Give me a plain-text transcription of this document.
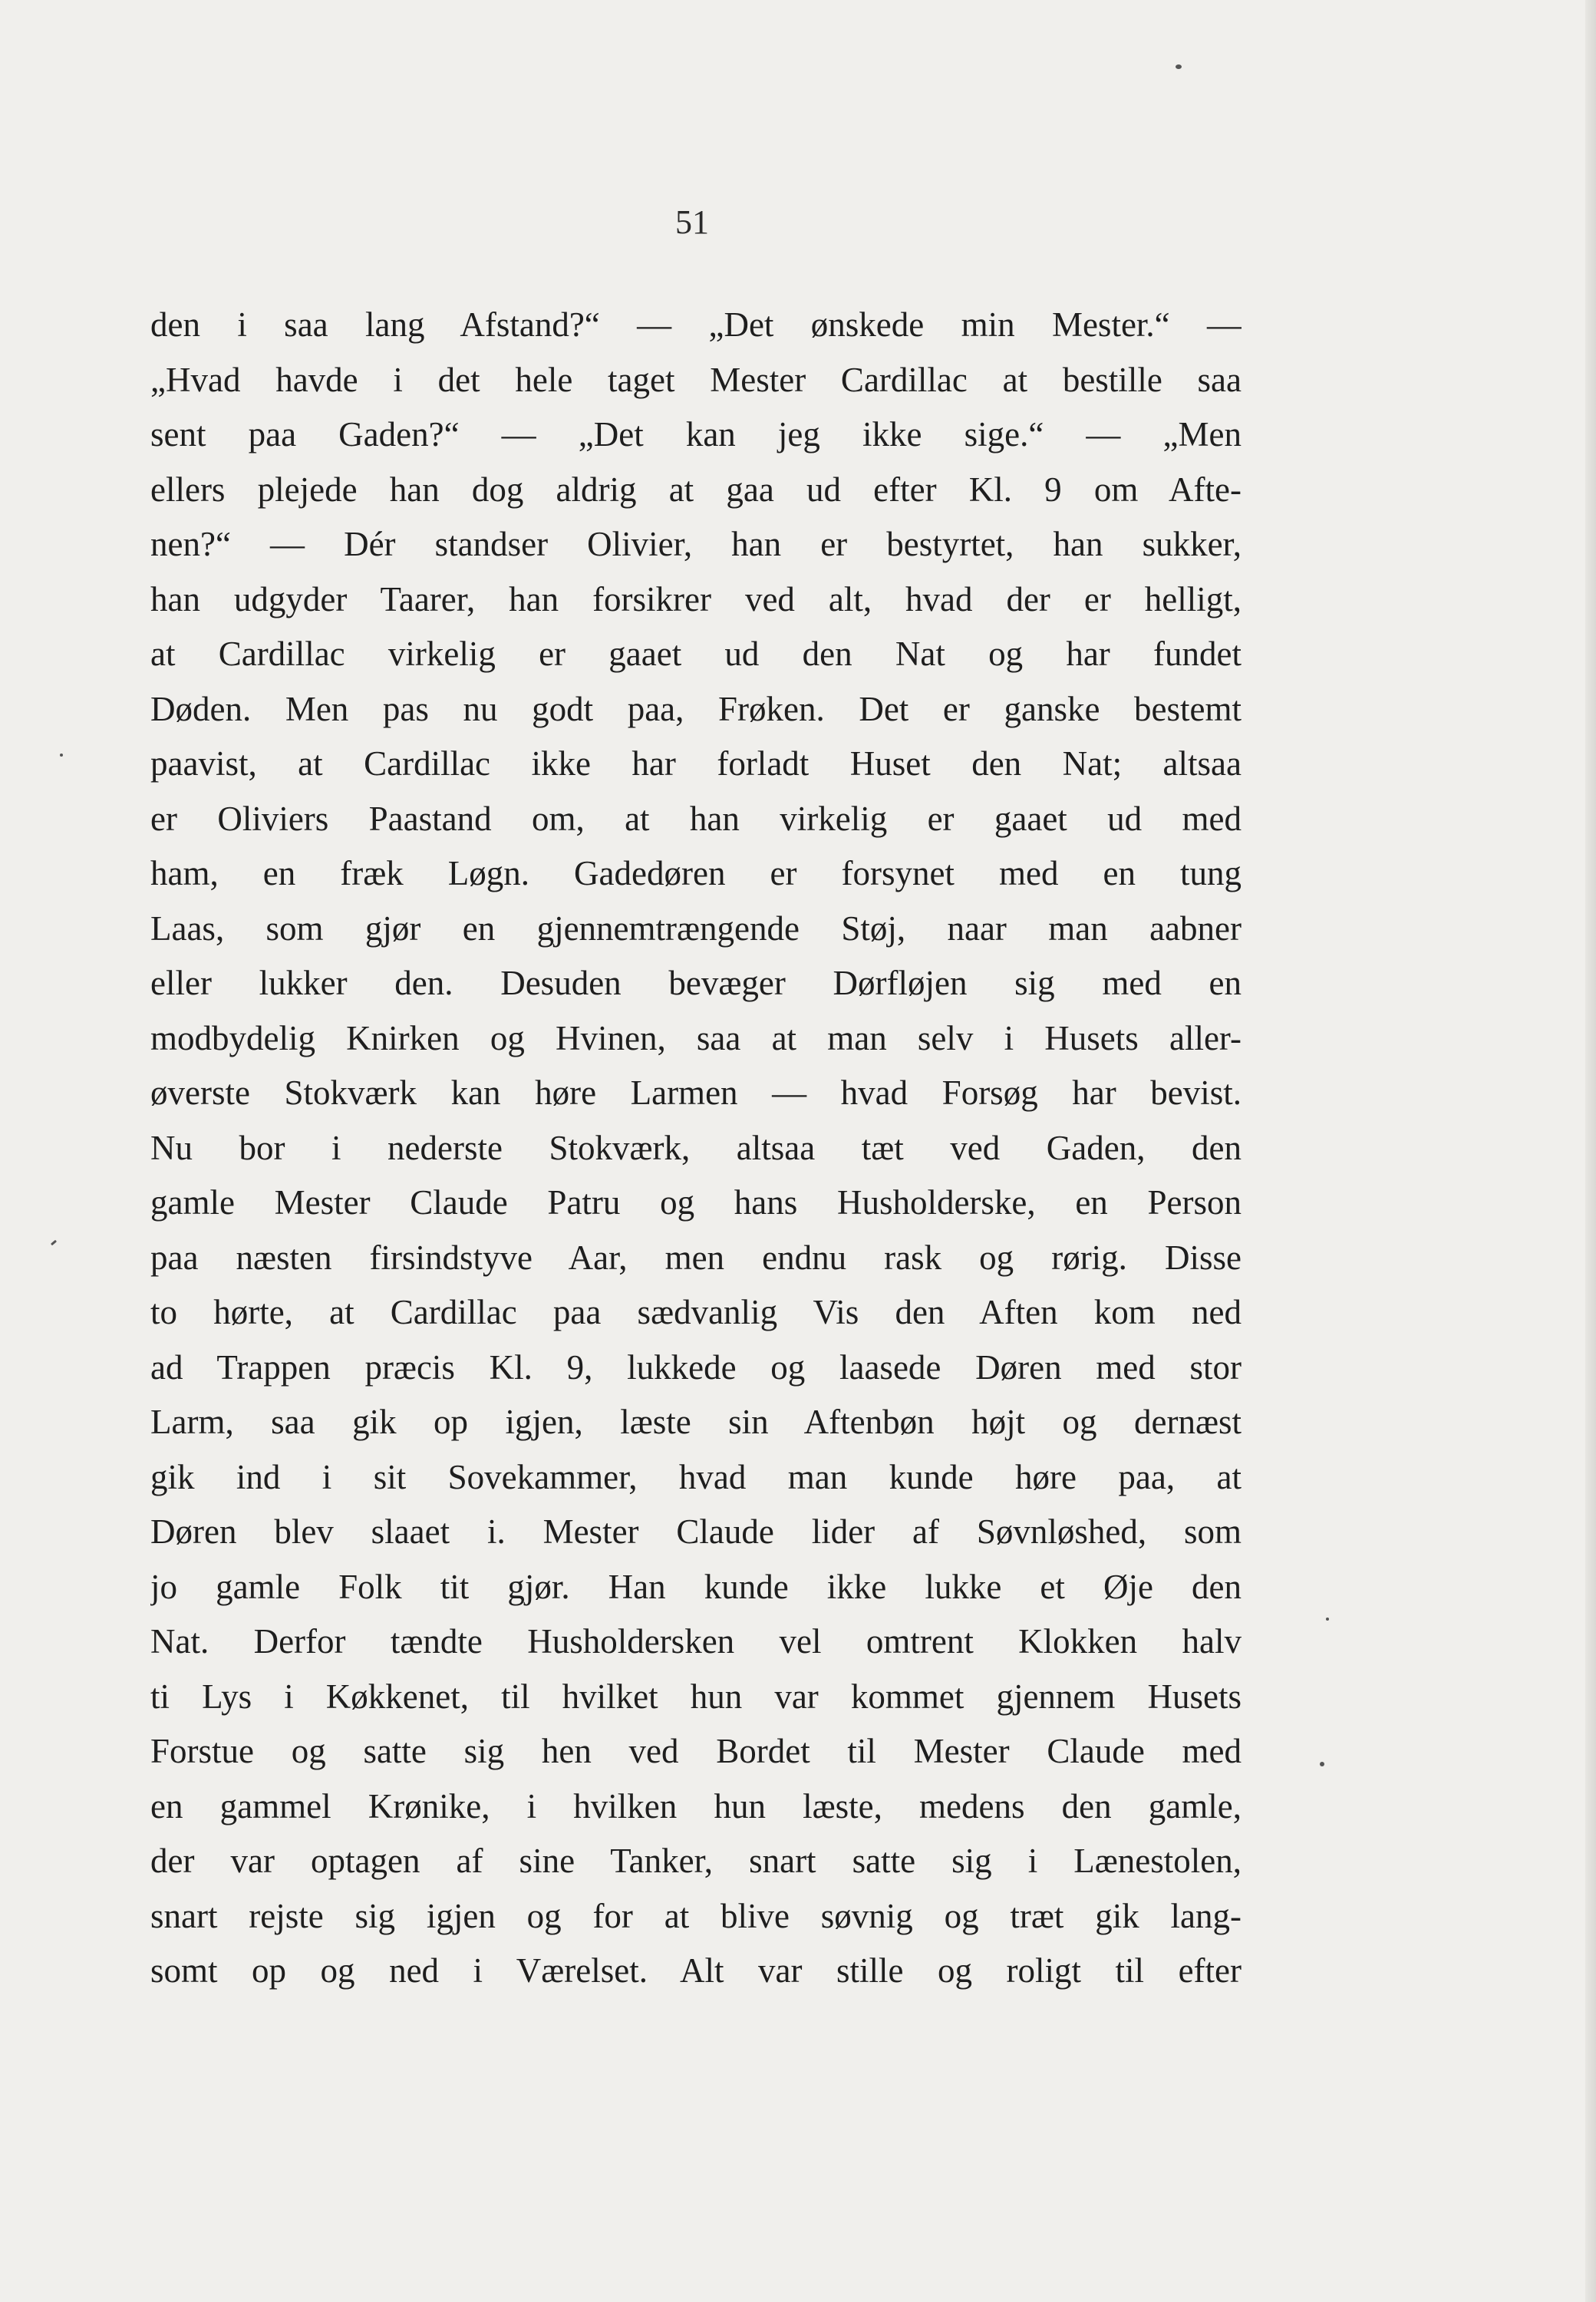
51
den i saa lang Afstand?“ — „Det ønskede min Mester.“ —
„Hvad havde i det hele taget Mester Cardillac at bestille saa
sent paa Gaden?“ — „Det kan jeg ikke sige.“ — „Men
ellers plejede han dog aldrig at gaa ud efter Kl. 9 om Afte-
nen?“ — Dér standser Olivier, han er bestyrtet, han sukker,
han udgyder Taarer, han forsikrer ved alt, hvad der er helligt,
at Cardillac virkelig er gaaet ud den Nat og har fundet
Døden. Men pas nu godt paa, Frøken. Det er ganske bestemt
paavist, at Cardillac ikke har forladt Huset den Nat; altsaa
er Oliviers Paastand om, at han virkelig er gaaet ud med
ham, en fræk Løgn. Gadedøren er forsynet med en tung
Laas, som gjør en gjennemtrængende Støj, naar man aabner
eller lukker den. Desuden bevæger Dørfløjen sig med en
modbydelig Knirken og Hvinen, saa at man selv i Husets aller-
øverste Stokværk kan høre Larmen — hvad Forsøg har bevist.
Nu bor i nederste Stokværk, altsaa tæt ved Gaden, den
gamle Mester Claude Patru og hans Husholderske, en Person
paa næsten firsindstyve Aar, men endnu rask og rørig. Disse
to hørte, at Cardillac paa sædvanlig Vis den Aften kom ned
ad Trappen præcis Kl. 9, lukkede og laasede Døren med stor
Larm, saa gik op igjen, læste sin Aftenbøn højt og dernæst
gik ind i sit Sovekammer, hvad man kunde høre paa, at
Døren blev slaaet i. Mester Claude lider af Søvnløshed, som
jo gamle Folk tit gjør. Han kunde ikke lukke et Øje den
Nat. Derfor tændte Husholdersken vel omtrent Klokken halv
ti Lys i Køkkenet, til hvilket hun var kommet gjennem Husets
Forstue og satte sig hen ved Bordet til Mester Claude med
en gammel Krønike, i hvilken hun læste, medens den gamle,
der var optagen af sine Tanker, snart satte sig i Lænestolen,
snart rejste sig igjen og for at blive søvnig og træt gik lang-
somt op og ned i Værelset. Alt var stille og roligt til efter
